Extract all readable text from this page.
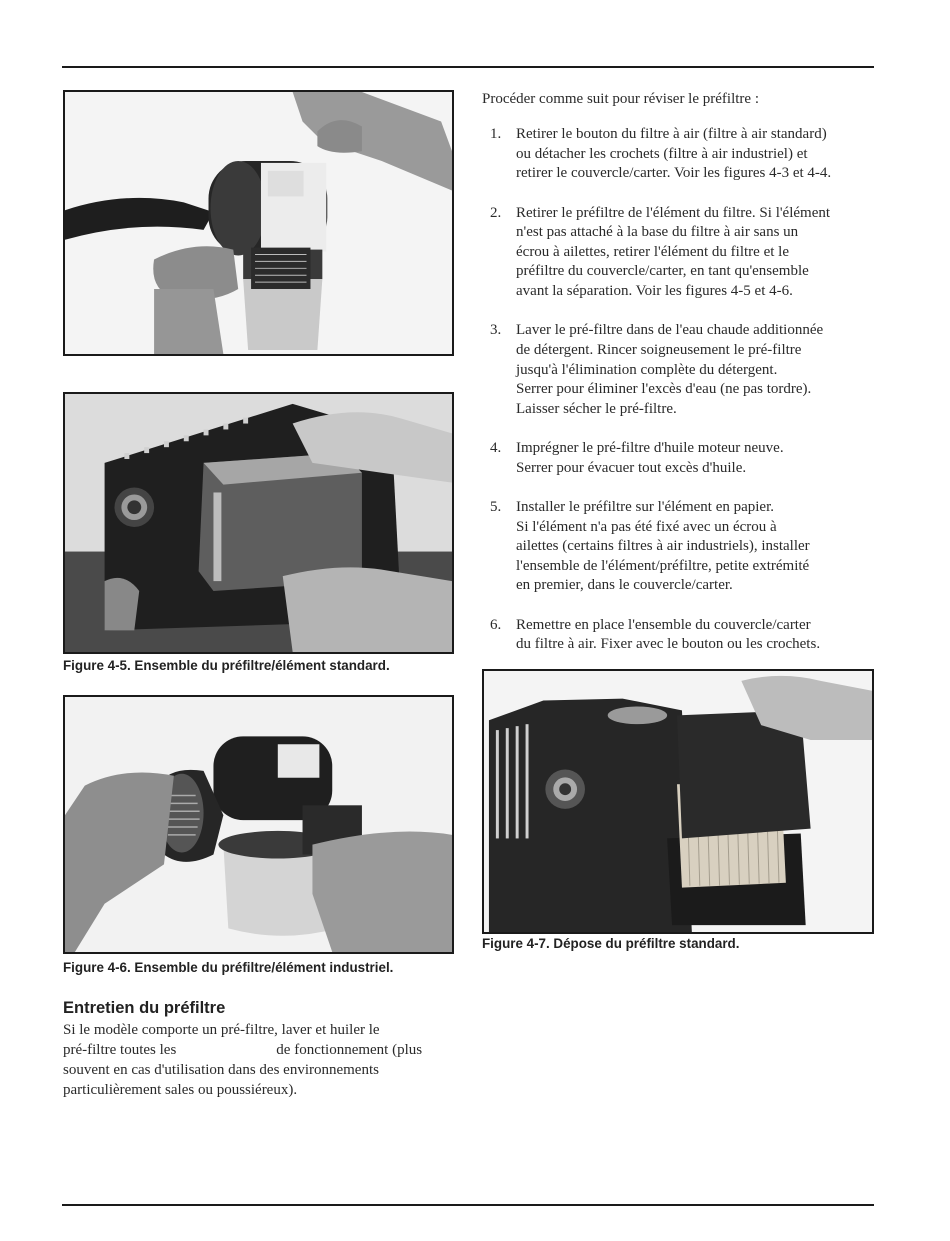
Figure 4-5. Ensemble du préfiltre/élément standard.
Figure 4-6. Ensemble du préfiltre/élément industriel.
Entretien du préfiltre
Si le modèle comporte un pré-filtre, laver et huiler le
pré-filtre toutes les	de fonctionnement (plus
souvent en cas d'utilisation dans des environnements
particulièrement sales ou poussiéreux).
Procéder comme suit pour réviser le préfiltre :
1. Retirer le bouton du filtre à air (filtre à air standard)
ou détacher les crochets (filtre à air industriel) et
retirer le couvercle/carter. Voir les figures 4-3 et 4-4.
2. Retirer le préfiltre de l'élément du filtre. Si l'élément
n'est pas attaché à la base du filtre à air sans un
écrou à ailettes, retirer l'élément du filtre et le
préfiltre du couvercle/carter, en tant qu'ensemble
avant la séparation. Voir les figures 4-5 et 4-6.
3. Laver le pré-filtre dans de l'eau chaude additionnée
de détergent. Rincer soigneusement le pré-filtre
jusqu'à l'élimination complète du détergent.
Serrer pour éliminer l'excès d'eau (ne pas tordre).
Laisser sécher le pré-filtre.
4. Imprégner le pré-filtre d'huile moteur neuve.
Serrer pour évacuer tout excès d'huile.
5. Installer le préfiltre sur l'élément en papier.
Si l'élément n'a pas été fixé avec un écrou à
ailettes (certains filtres à air industriels), installer
l'ensemble de l'élément/préfiltre, petite extrémité
en premier, dans le couvercle/carter.
6. Remettre en place l'ensemble du couvercle/carter
du filtre à air. Fixer avec le bouton ou les crochets.
Figure 4-7. Dépose du préfiltre standard.
